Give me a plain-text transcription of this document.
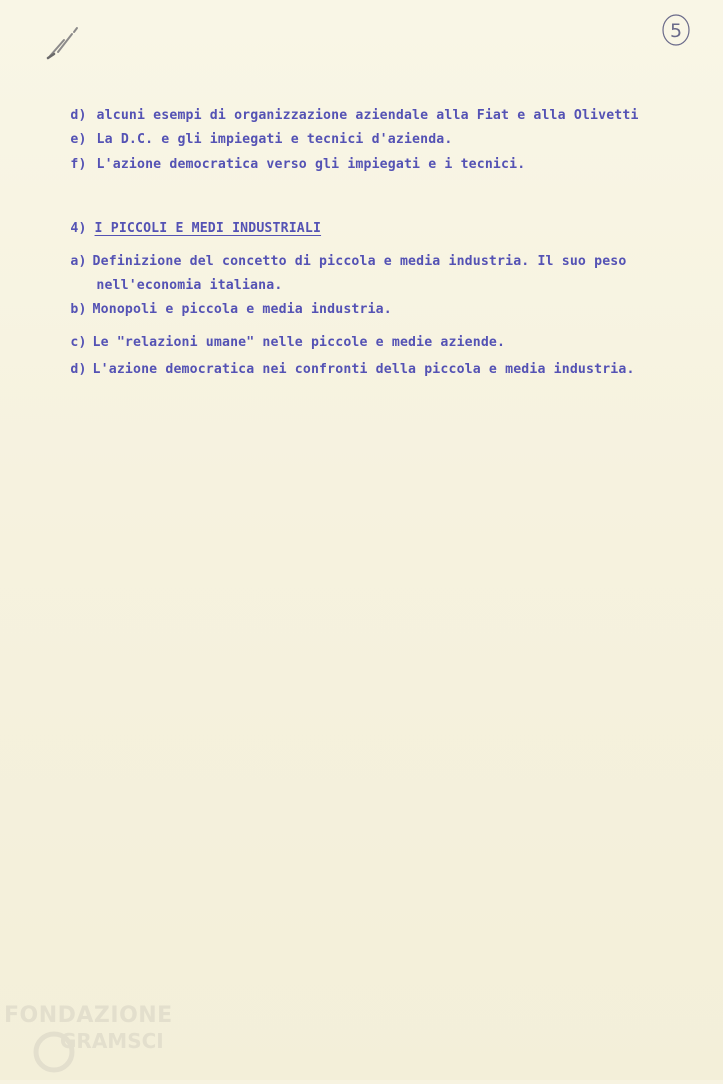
5

d) alcuni esempi di organizzazione aziendale alla Fiat e alla Olivetti

e) La D.C. e gli impiegati e tecnici d'azienda.

f) L'azione democratica verso gli impiegati e i tecnici.

4) I PICCOLI E MEDI INDUSTRIALI

a) Definizione del concetto di piccola e media industria. Il suo peso

nell'economia italiana.

b) Monopoli e piccola e media industria.

c) Le "relazioni umane" nelle piccole e medie aziende.

d) L'azione democratica nei confronti della piccola e media industria.

FONDAZIONE
GRAMSCI
